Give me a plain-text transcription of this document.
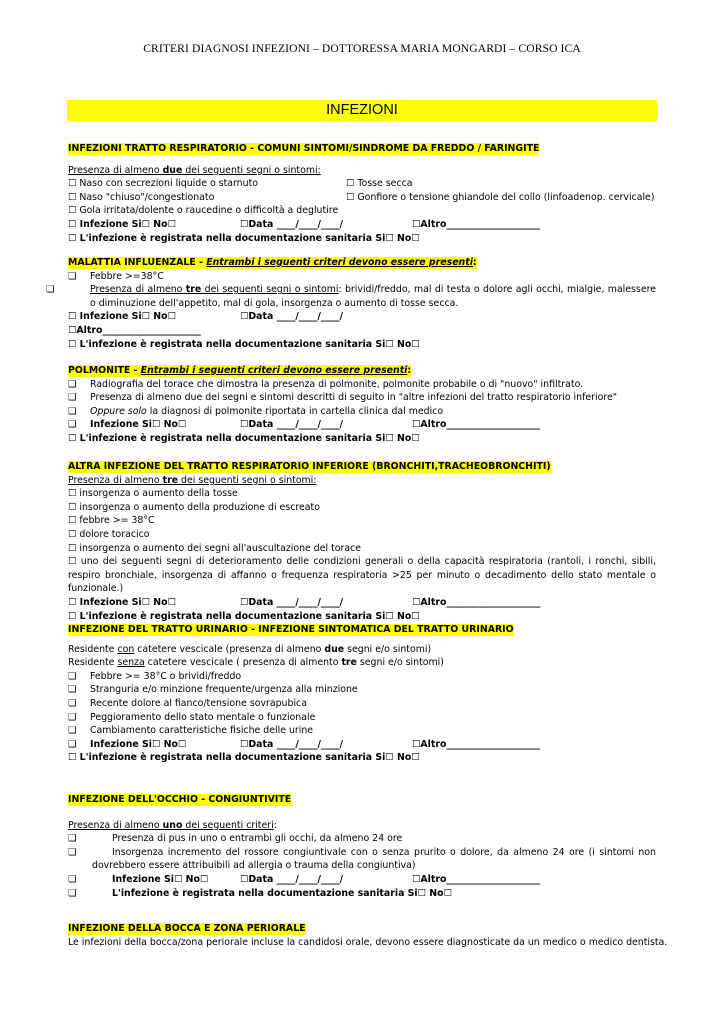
CRITERI DIAGNOSI INFEZIONI – DOTTORESSA MARIA MONGARDI – CORSO ICA
INFEZIONI
INFEZIONI TRATTO RESPIRATORIO - COMUNI SINTOMI/SINDROME DA FREDDO / FARINGITE
Presenza di almeno due dei seguenti segni o sintomi:
☐ Naso con secrezioni liquide o starnuto	☐ Tosse secca
☐ Naso "chiuso"/congestionato	☐ Gonfiore o tensione ghiandole del collo (linfoadenop. cervicale)
☐ Gola irritata/dolente o raucedine o difficoltà a deglutire
☐ Infezione Si☐ No☐	☐Data ____/____/____/	☐Altro____________________
☐ L'infezione è registrata nella documentazione sanitaria Si☐ No☐
MALATTIA INFLUENZALE - Entrambi i seguenti criteri devono essere presenti:
❑ Febbre >=38°C
❑	Presenza di almeno tre dei seguenti segni o sintomi: brividi/freddo, mal di testa o dolore agli occhi, mialgie, malessere o diminuzione dell'appetito, mal di gola, insorgenza o aumento di tosse secca.
☐ Infezione Si☐ No☐	☐Data ____/____/____/
☐Altro_____________________
☐ L'infezione è registrata nella documentazione sanitaria Si☐ No☐
POLMONITE - Entrambi i seguenti criteri devono essere presenti:
❑ Radiografia del torace che dimostra la presenza di polmonite, polmonite probabile o di "nuovo" infiltrato.
❑ Presenza di almeno due dei segni e sintomi descritti di seguito in "altre infezioni del tratto respiratorio inferiore"
❑ Oppure solo la diagnosi di polmonite riportata in cartella clinica dal medico
❑ Infezione Si☐ No☐	☐Data ____/____/____/	☐Altro____________________
☐ L'infezione è registrata nella documentazione sanitaria Si☐ No☐
ALTRA INFEZIONE DEL TRATTO RESPIRATORIO INFERIORE (BRONCHITI,TRACHEOBRONCHITI)
Presenza di almeno tre dei seguenti segni o sintomi:
☐ insorgenza o aumento della tosse
☐ insorgenza o aumento della produzione di escreato
☐ febbre >= 38°C
☐ dolore toracico
☐ insorgenza o aumento dei segni all'auscultazione del torace
☐ uno dei seguenti segni di deterioramento delle condizioni generali o della capacità respiratoria (rantoli, i ronchi, sibili, respiro bronchiale, insorgenza di affanno o frequenza respiratoria >25 per minuto o decadimento dello stato mentale o funzionale.)
☐ Infezione Si☐ No☐	☐Data ____/____/____/	☐Altro____________________
☐ L'infezione è registrata nella documentazione sanitaria Si☐ No☐
INFEZIONE DEL TRATTO URINARIO - INFEZIONE SINTOMATICA DEL TRATTO URINARIO
Residente con catetere vescicale (presenza di almeno due segni e/o sintomi)
Residente senza catetere vescicale ( presenza di almento tre segni e/o sintomi)
❑ Febbre >= 38°C o brividi/freddo
❑ Stranguria e/o minzione frequente/urgenza alla minzione
❑ Recente dolore al fianco/tensione sovrapubica
❑ Peggioramento dello stato mentale o funzionale
❑ Cambiamento caratteristiche fisiche delle urine
❑ Infezione Si☐ No☐	☐Data ____/____/____/	☐Altro____________________
☐ L'infezione è registrata nella documentazione sanitaria Si☐ No☐
INFEZIONE DELL'OCCHIO - CONGIUNTIVITE
Presenza di almeno uno dei seguenti criteri:
❑	Presenza di pus in uno o entrambi gli occhi, da almeno 24 ore
❑	Insorgenza incremento del rossore congiuntivale con o senza prurito o dolore, da almeno 24 ore (i sintomi non dovrebbero essere attribuibili ad allergia o trauma della congiuntiva)
❑	Infezione Si☐ No☐	☐Data ____/____/____/	☐Altro____________________
❑	L'infezione è registrata nella documentazione sanitaria Si☐ No☐
INFEZIONE DELLA BOCCA E ZONA PERIORALE
Le infezioni della bocca/zona periorale incluse la candidosi orale, devono essere diagnosticate da un medico o medico dentista.
